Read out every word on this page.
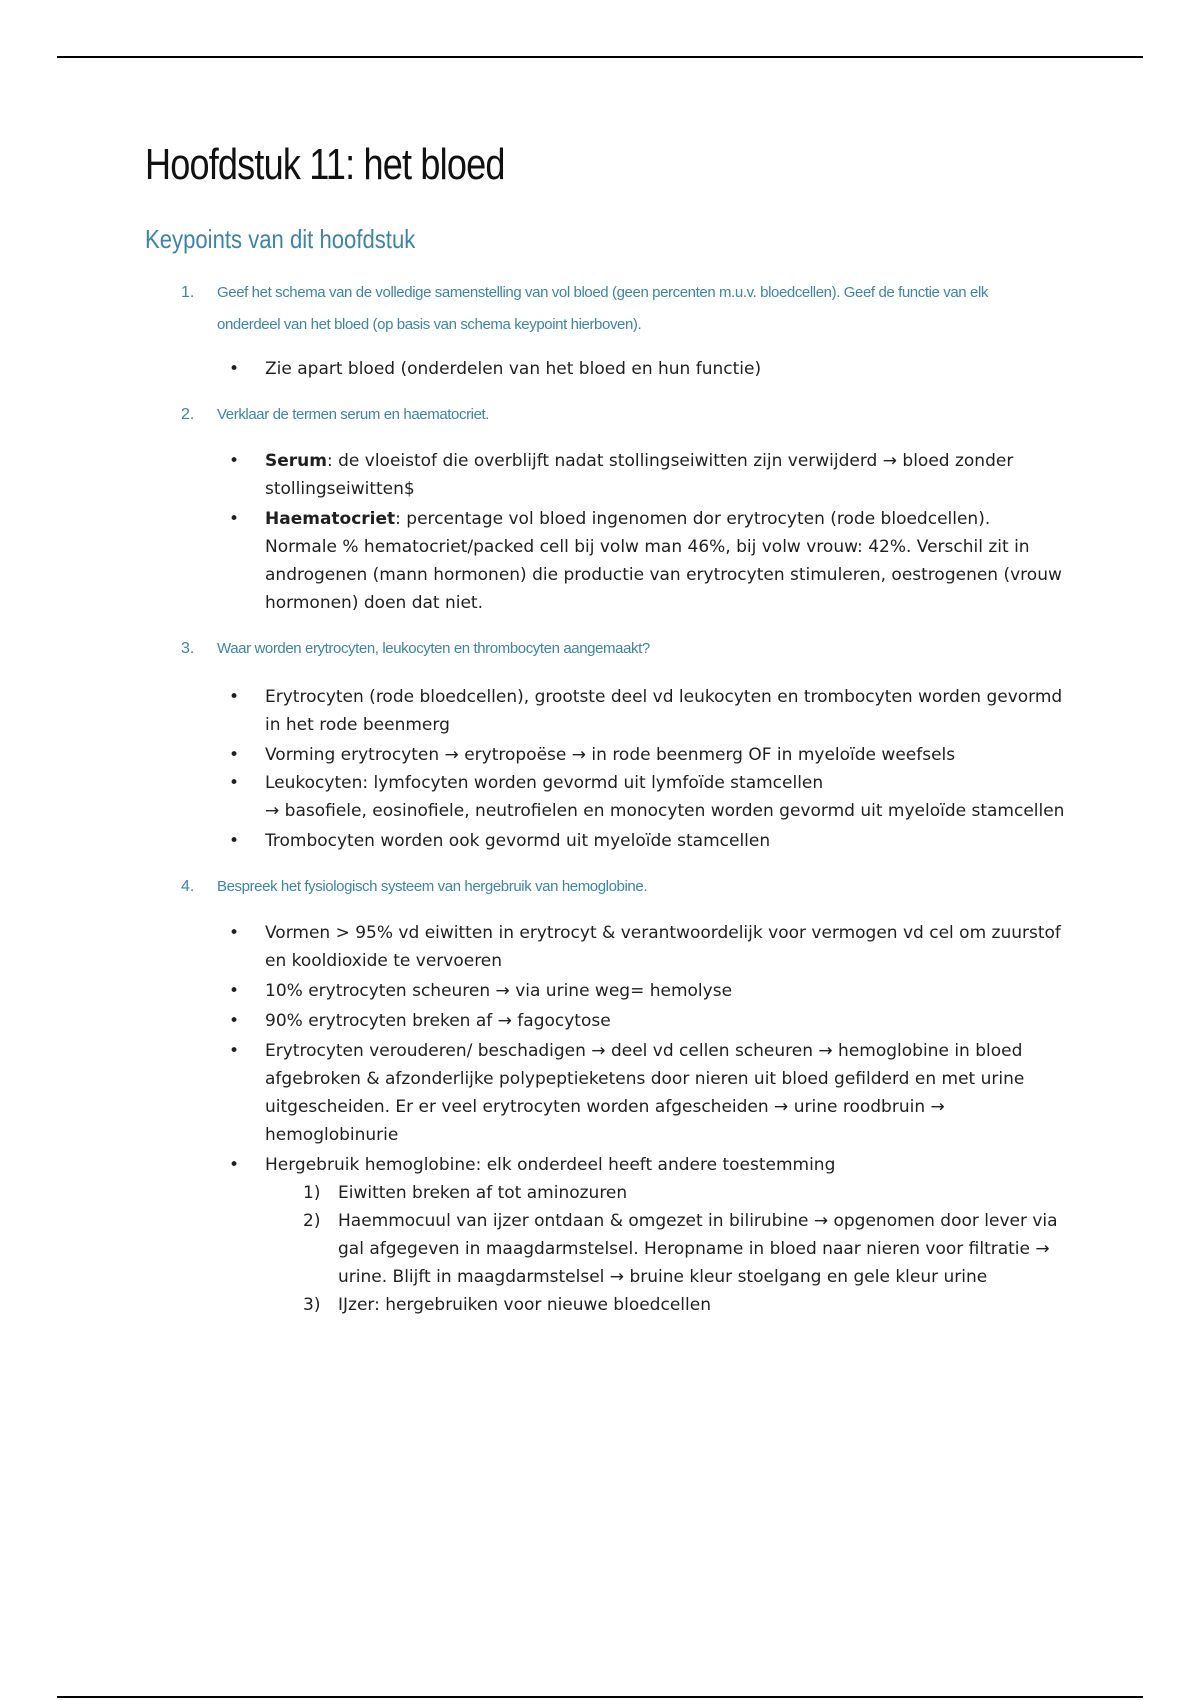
Hoofdstuk 11: het bloed
Keypoints van dit hoofdstuk
1. Geef het schema van de volledige samenstelling van vol bloed (geen percenten m.u.v. bloedcellen). Geef de functie van elk
onderdeel van het bloed (op basis van schema keypoint hierboven).
• Zie apart bloed (onderdelen van het bloed en hun functie)
2. Verklaar de termen serum en haematocriet.
• Serum: de vloeistof die overblijft nadat stollingseiwitten zijn verwijderd → bloed zonder stollingseiwitten$
• Haematocriet: percentage vol bloed ingenomen dor erytrocyten (rode bloedcellen). Normale % hematocriet/packed cell bij volw man 46%, bij volw vrouw: 42%. Verschil zit in androgenen (mann hormonen) die productie van erytrocyten stimuleren, oestrogenen (vrouw hormonen) doen dat niet.
3. Waar worden erytrocyten, leukocyten en thrombocyten aangemaakt?
• Erytrocyten (rode bloedcellen), grootste deel vd leukocyten en trombocyten worden gevormd in het rode beenmerg
• Vorming erytrocyten → erytropoëse → in rode beenmerg OF in myeloïde weefsels
• Leukocyten: lymfocyten worden gevormd uit lymfoïde stamcellen
→ basofiele, eosinofiele, neutrofielen en monocyten worden gevormd uit myeloïde stamcellen
• Trombocyten worden ook gevormd uit myeloïde stamcellen
4. Bespreek het fysiologisch systeem van hergebruik van hemoglobine.
• Vormen > 95% vd eiwitten in erytrocyt & verantwoordelijk voor vermogen vd cel om zuurstof en kooldioxide te vervoeren
• 10% erytrocyten scheuren → via urine weg= hemolyse
• 90% erytrocyten breken af → fagocytose
• Erytrocyten verouderen/ beschadigen → deel vd cellen scheuren → hemoglobine in bloed afgebroken & afzonderlijke polypeptieketens door nieren uit bloed gefilderd en met urine uitgescheiden. Er er veel erytrocyten worden afgescheiden → urine roodbruin → hemoglobinurie
• Hergebruik hemoglobine: elk onderdeel heeft andere toestemming
1) Eiwitten breken af tot aminozuren
2) Haemmocuul van ijzer ontdaan & omgezet in bilirubine → opgenomen door lever via gal afgegeven in maagdarmstelsel. Heropname in bloed naar nieren voor filtratie → urine. Blijft in maagdarmstelsel → bruine kleur stoelgang en gele kleur urine
3) IJzer: hergebruiken voor nieuwe bloedcellen
